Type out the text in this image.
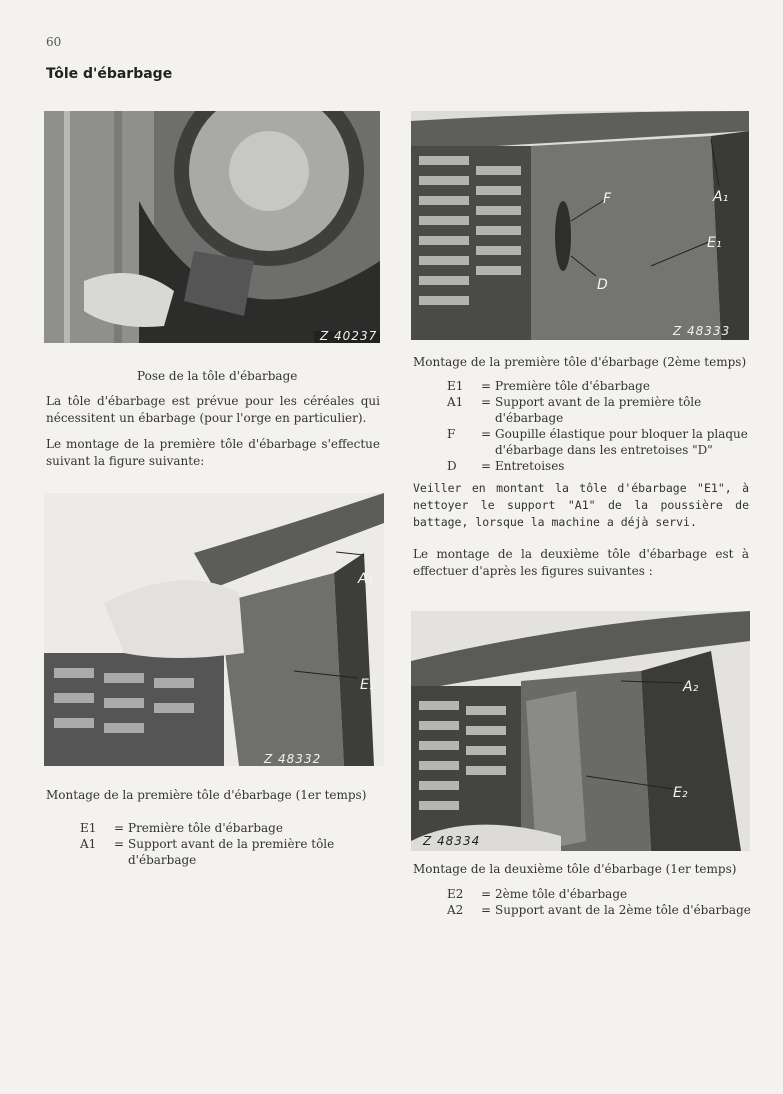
60
Tôle d'ébarbage
Z 40237
Pose de la tôle d'ébarbage
La tôle d'ébarbage est prévue pour les céréales qui nécessitent un ébarbage (pour l'orge en particulier).
Le montage de la première tôle d'ébarbage s'effectue suivant la figure suivante:
A₁
E₁
Z 48332
Montage de la première tôle d'ébarbage (1er temps)
E1	= Première tôle d'ébarbage
A1	= Support avant de la première tôle d'ébarbage
A₁
E₁
F
D
Z 48333
Montage de la première tôle d'ébarbage (2ème temps)
E1	= Première tôle d'ébarbage
A1	= Support avant de la première tôle d'ébarbage
F	= Goupille élastique pour bloquer la plaque d'ébarbage dans les entretoises "D"
D	= Entretoises
Veiller en montant la tôle d'ébarbage "E1", à nettoyer le support "A1" de la poussière de battage, lorsque la machine a déjà servi.
Le montage de la deuxième tôle d'ébarbage est à effectuer d'après les figures suivantes :
A₂
E₂
Z 48334
Montage de la deuxième tôle d'ébarbage (1er temps)
E2	= 2ème tôle d'ébarbage
A2	= Support avant de la 2ème tôle d'ébarbage
